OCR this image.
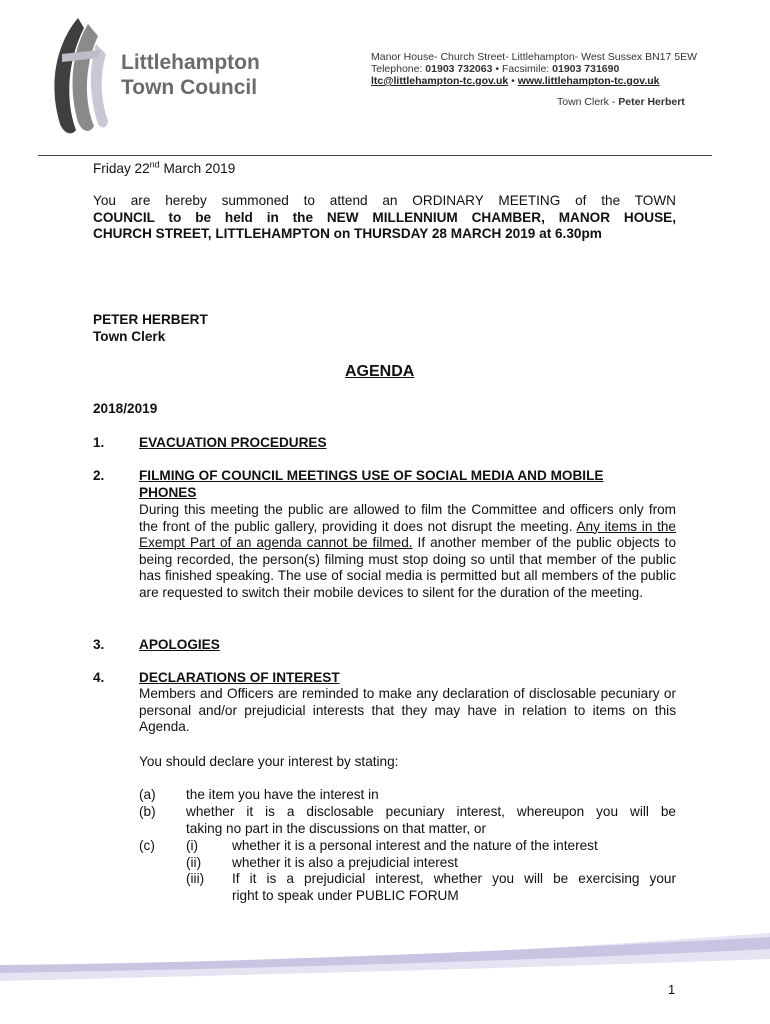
Littlehampton
Town Council
Manor House- Church Street- Littlehampton- West Sussex BN17 5EW
Telephone: 01903 732063 • Facsimile: 01903 731690
ltc@littlehampton-tc.gov.uk • www.littlehampton-tc.gov.uk
Town Clerk - Peter Herbert
Friday 22nd March 2019
You are hereby summoned to attend an ORDINARY MEETING of the TOWN
COUNCIL to be held in the NEW MILLENNIUM CHAMBER, MANOR HOUSE,
CHURCH STREET, LITTLEHAMPTON on THURSDAY 28 MARCH 2019 at 6.30pm
PETER HERBERT
Town Clerk
AGENDA
2018/2019
1.	EVACUATION PROCEDURES
2.	FILMING OF COUNCIL MEETINGS USE OF SOCIAL MEDIA AND MOBILE
PHONES
During this meeting the public are allowed to film the Committee and officers only from the front of the public gallery, providing it does not disrupt the meeting. Any items in the Exempt Part of an agenda cannot be filmed. If another member of the public objects to being recorded, the person(s) filming must stop doing so until that member of the public has finished speaking. The use of social media is permitted but all members of the public are requested to switch their mobile devices to silent for the duration of the meeting.
3.	APOLOGIES
4.	DECLARATIONS OF INTEREST
Members and Officers are reminded to make any declaration of disclosable pecuniary or personal and/or prejudicial interests that they may have in relation to items on this Agenda.
You should declare your interest by stating:
(a) the item you have the interest in
(b) whether it is a disclosable pecuniary interest, whereupon you will be
taking no part in the discussions on that matter, or
(c) (i) whether it is a personal interest and the nature of the interest
(ii) whether it is also a prejudicial interest
(iii) If it is a prejudicial interest, whether you will be exercising your
right to speak under PUBLIC FORUM
1
